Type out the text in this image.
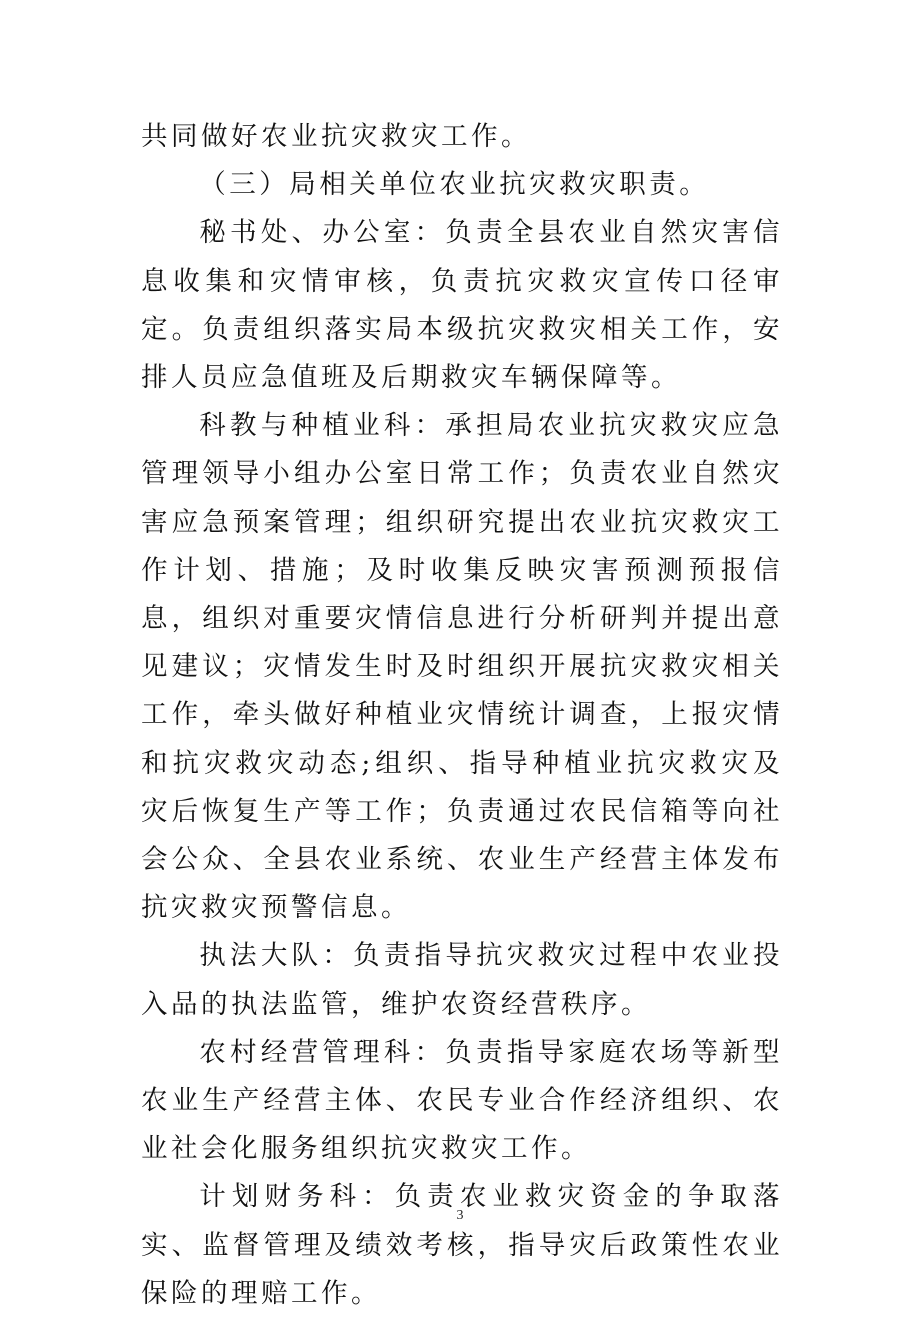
共同做好农业抗灾救灾工作。

（三）局相关单位农业抗灾救灾职责。

秘书处、办公室：负责全县农业自然灾害信息收集和灾情审核，负责抗灾救灾宣传口径审定。负责组织落实局本级抗灾救灾相关工作，安排人员应急值班及后期救灾车辆保障等。

科教与种植业科：承担局农业抗灾救灾应急管理领导小组办公室日常工作；负责农业自然灾害应急预案管理；组织研究提出农业抗灾救灾工作计划、措施；及时收集反映灾害预测预报信息，组织对重要灾情信息进行分析研判并提出意见建议；灾情发生时及时组织开展抗灾救灾相关工作，牵头做好种植业灾情统计调查，上报灾情和抗灾救灾动态;组织、指导种植业抗灾救灾及灾后恢复生产等工作；负责通过农民信箱等向社会公众、全县农业系统、农业生产经营主体发布抗灾救灾预警信息。

执法大队：负责指导抗灾救灾过程中农业投入品的执法监管，维护农资经营秩序。

农村经营管理科：负责指导家庭农场等新型农业生产经营主体、农民专业合作经济组织、农业社会化服务组织抗灾救灾工作。

计划财务科：负责农业救灾资金的争取落实、监督管理及绩效考核，指导灾后政策性农业保险的理赔工作。

3
